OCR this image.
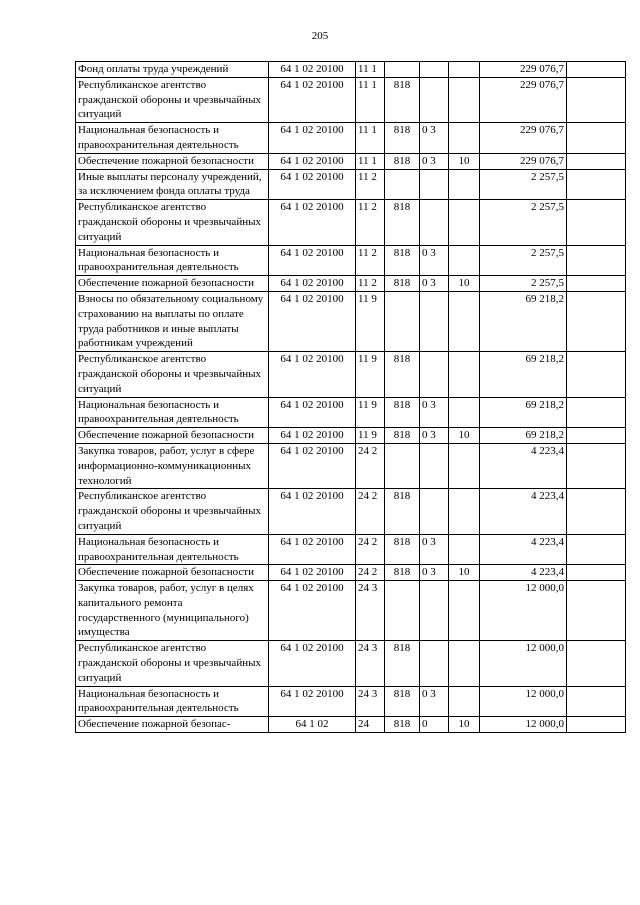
205
Фонд оплаты труда учреждений	64 1 02 20100	11 1				229 076,7	
Республиканское агентство гражданской обороны и чрезвычайных ситуаций	64 1 02 20100	11 1	818			229 076,7	
Национальная безопасность и правоохранительная деятельность	64 1 02 20100	11 1	818	0 3		229 076,7	
Обеспечение пожарной безопасности	64 1 02 20100	11 1	818	0 3	10	229 076,7	
Иные выплаты персоналу учреждений, за исключением фонда оплаты труда	64 1 02 20100	11 2				2 257,5	
Республиканское агентство гражданской обороны и чрезвычайных ситуаций	64 1 02 20100	11 2	818			2 257,5	
Национальная безопасность и правоохранительная деятельность	64 1 02 20100	11 2	818	0 3		2 257,5	
Обеспечение пожарной безопасности	64 1 02 20100	11 2	818	0 3	10	2 257,5	
Взносы по обязательному социальному страхованию на выплаты по оплате труда работников и иные выплаты работникам учреждений	64 1 02 20100	11 9				69 218,2	
Республиканское агентство гражданской обороны и чрезвычайных ситуаций	64 1 02 20100	11 9	818			69 218,2	
Национальная безопасность и правоохранительная деятельность	64 1 02 20100	11 9	818	0 3		69 218,2	
Обеспечение пожарной безопасности	64 1 02 20100	11 9	818	0 3	10	69 218,2	
Закупка товаров, работ, услуг в сфере информационно-коммуникационных технологий	64 1 02 20100	24 2				4 223,4	
Республиканское агентство гражданской обороны и чрезвычайных ситуаций	64 1 02 20100	24 2	818			4 223,4	
Национальная безопасность и правоохранительная деятельность	64 1 02 20100	24 2	818	0 3		4 223,4	
Обеспечение пожарной безопасности	64 1 02 20100	24 2	818	0 3	10	4 223,4	
Закупка товаров, работ, услуг в целях капитального ремонта государственного (муниципального) имущества	64 1 02 20100	24 3				12 000,0	
Республиканское агентство гражданской обороны и чрезвычайных ситуаций	64 1 02 20100	24 3	818			12 000,0	
Национальная безопасность и правоохранительная деятельность	64 1 02 20100	24 3	818	0 3		12 000,0	
Обеспечение пожарной безопас-	64 1 02	24	818	0	10	12 000,0	
